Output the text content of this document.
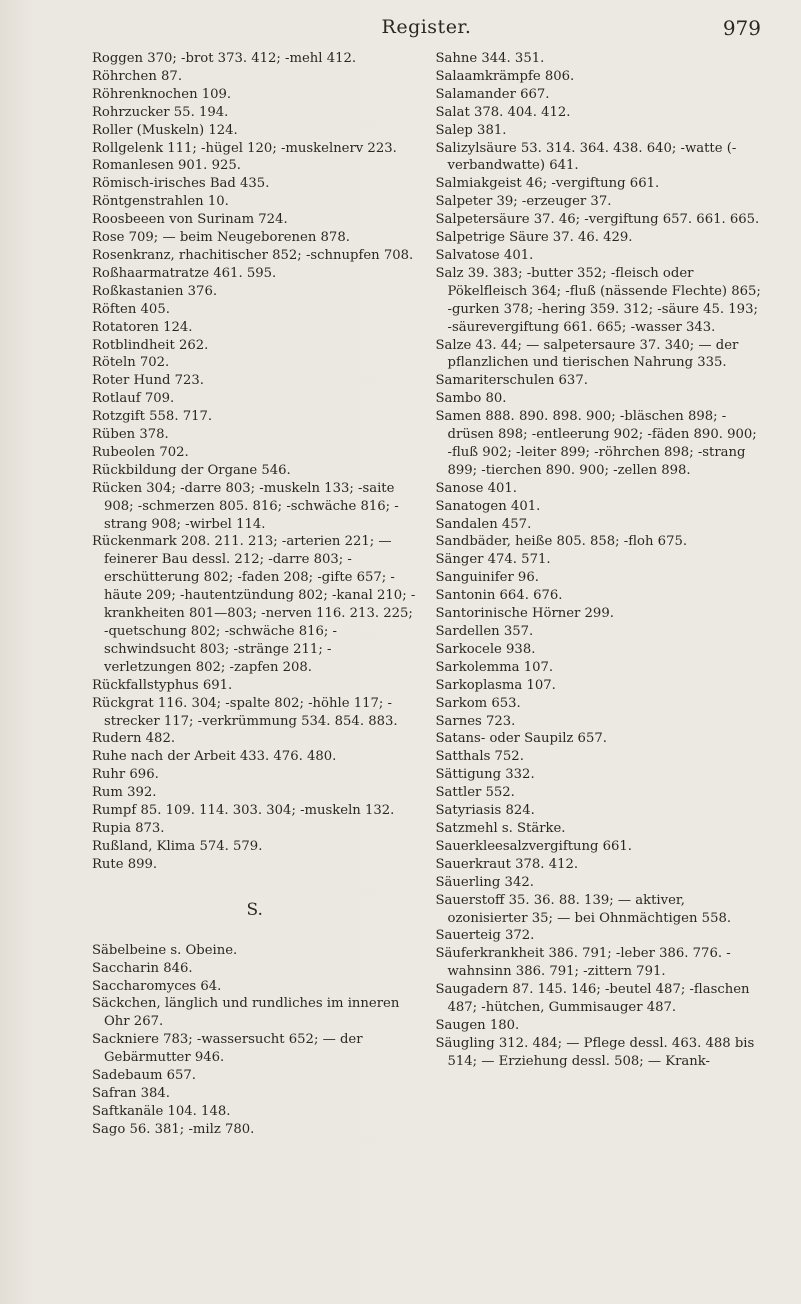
Register.	979

Roggen 370; -brot 373. 412; -mehl 412.

Röhrchen 87.

Röhrenknochen 109.

Rohrzucker 55. 194.

Roller (Muskeln) 124.

Rollgelenk 111; -hügel 120; -muskelnerv 223.

Romanlesen 901. 925.

Römisch-irisches Bad 435.

Röntgenstrahlen 10.

Roosbeeen von Surinam 724.

Rose 709; — beim Neugeborenen 878.

Rosenkranz, rhachitischer 852; -schnupfen 708.

Roßhaarmatratze 461. 595.

Roßkastanien 376.

Röften 405.

Rotatoren 124.

Rotblindheit 262.

Röteln 702.

Roter Hund 723.

Rotlauf 709.

Rotzgift 558. 717.

Rüben 378.

Rubeolen 702.

Rückbildung der Organe 546.

Rücken 304; -darre 803; -muskeln 133; -saite 908; -schmerzen 805. 816; -schwäche 816; -strang 908; -wirbel 114.

Rückenmark 208. 211. 213; -arterien 221; — feinerer Bau dessl. 212; -darre 803; -erschütterung 802; -faden 208; -gifte 657; -häute 209; -hautentzündung 802; -kanal 210; -krankheiten 801—803; -nerven 116. 213. 225; -quetschung 802; -schwäche 816; -schwindsucht 803; -stränge 211; -verletzungen 802; -zapfen 208.

Rückfallstyphus 691.

Rückgrat 116. 304; -spalte 802; -höhle 117; -strecker 117; -verkrümmung 534. 854. 883.

Rudern 482.

Ruhe nach der Arbeit 433. 476. 480.

Ruhr 696.

Rum 392.

Rumpf 85. 109. 114. 303. 304; -muskeln 132.

Rupia 873.

Rußland, Klima 574. 579.

Rute 899.

S.

Säbelbeine s. Obeine.

Saccharin 846.

Saccharomyces 64.

Säckchen, länglich und rundliches im inneren Ohr 267.

Sackniere 783; -wassersucht 652; — der Gebärmutter 946.

Sadebaum 657.

Safran 384.

Saftkanäle 104. 148.

Sago 56. 381; -milz 780.

Sahne 344. 351.

Salaamkrämpfe 806.

Salamander 667.

Salat 378. 404. 412.

Salep 381.

Salizylsäure 53. 314. 364. 438. 640; -watte (-verbandwatte) 641.

Salmiakgeist 46; -vergiftung 661.

Salpeter 39; -erzeuger 37.

Salpetersäure 37. 46; -vergiftung 657. 661. 665.

Salpetrige Säure 37. 46. 429.

Salvatose 401.

Salz 39. 383; -butter 352; -fleisch oder Pökelfleisch 364; -fluß (nässende Flechte) 865; -gurken 378; -hering 359. 312; -säure 45. 193; -säurevergiftung 661. 665; -wasser 343.

Salze 43. 44; — salpetersaure 37. 340; — der pflanzlichen und tierischen Nahrung 335.

Samariterschulen 637.

Sambo 80.

Samen 888. 890. 898. 900; -bläschen 898; -drüsen 898; -entleerung 902; -fäden 890. 900; -fluß 902; -leiter 899; -röhrchen 898; -strang 899; -tierchen 890. 900; -zellen 898.

Sanose 401.

Sanatogen 401.

Sandalen 457.

Sandbäder, heiße 805. 858; -floh 675.

Sänger 474. 571.

Sanguinifer 96.

Santonin 664. 676.

Santorinische Hörner 299.

Sardellen 357.

Sarkocele 938.

Sarkolemma 107.

Sarkoplasma 107.

Sarkom 653.

Sarnes 723.

Satans- oder Saupilz 657.

Satthals 752.

Sättigung 332.

Sattler 552.

Satyriasis 824.

Satzmehl s. Stärke.

Sauerkleesalzvergiftung 661.

Sauerkraut 378. 412.

Säuerling 342.

Sauerstoff 35. 36. 88. 139; — aktiver, ozonisierter 35; — bei Ohnmächtigen 558.

Sauerteig 372.

Säuferkrankheit 386. 791; -leber 386. 776. -wahnsinn 386. 791; -zittern 791.

Saugadern 87. 145. 146; -beutel 487; -flaschen 487; -hütchen, Gummisauger 487.

Saugen 180.

Säugling 312. 484; — Pflege dessl. 463. 488 bis 514; — Erziehung dessl. 508; — Krank-
